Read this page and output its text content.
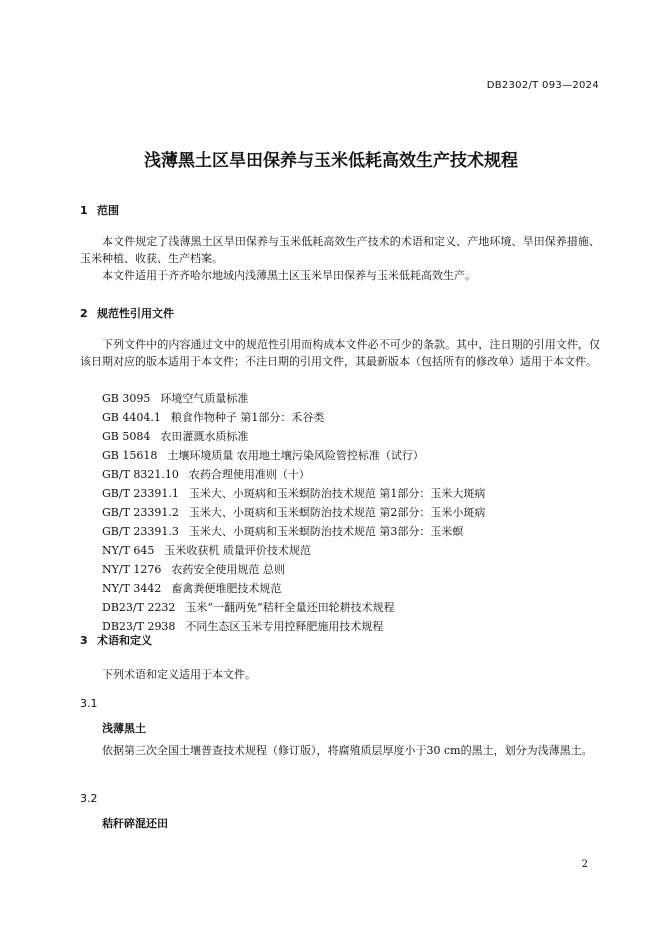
DB2302/T 093—2024
浅薄黑土区旱田保养与玉米低耗高效生产技术规程
1 范围

本文件规定了浅薄黑土区旱田保养与玉米低耗高效生产技术的术语和定义、产地环境、旱田保养措施、玉米种植、收获、生产档案。

本文件适用于齐齐哈尔地域内浅薄黑土区玉米旱田保养与玉米低耗高效生产。

2 规范性引用文件

下列文件中的内容通过文中的规范性引用而构成本文件必不可少的条款。其中，注日期的引用文件，仅该日期对应的版本适用于本文件；不注日期的引用文件，其最新版本（包括所有的修改单）适用于本文件。

GB 3095 环境空气质量标准
GB 4404.1 粮食作物种子 第1部分：禾谷类
GB 5084 农田灌溉水质标准
GB 15618 土壤环境质量 农用地土壤污染风险管控标准（试行）
GB/T 8321.10 农药合理使用准则（十）
GB/T 23391.1 玉米大、小斑病和玉米螟防治技术规范 第1部分：玉米大斑病
GB/T 23391.2 玉米大、小斑病和玉米螟防治技术规范 第2部分：玉米小斑病
GB/T 23391.3 玉米大、小斑病和玉米螟防治技术规范 第3部分：玉米螟
NY/T 645 玉米收获机 质量评价技术规范
NY/T 1276 农药安全使用规范 总则
NY/T 3442 畜禽粪便堆肥技术规范
DB23/T 2232 玉米“一翻两免”秸秆全量还田轮耕技术规程
DB23/T 2938 不同生态区玉米专用控释肥施用技术规程
3 术语和定义

下列术语和定义适用于本文件。

3.1
浅薄黑土

依据第三次全国土壤普查技术规程（修订版），将腐殖质层厚度小于30 cm的黑土，划分为浅薄黑土。

3.2
秸秆碎混还田
2
